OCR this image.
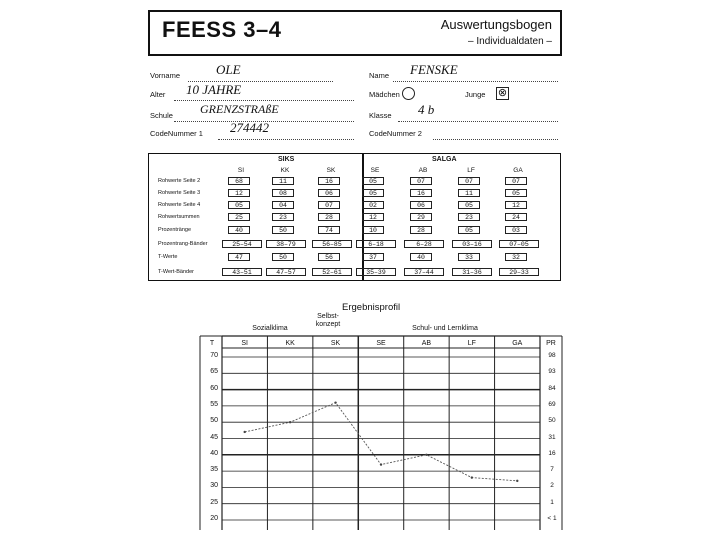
FEESS 3–4	Auswertungsbogen
– Individualdaten –
Vorname	OLE	Name FENSKE
Alter 10 JAHRE	Mädchen	Junge ⊗
Schule GRENZSTRAßE	Klasse 4 b
CodeNummer 1 274442	CodeNummer 2
SIKS	SALGA
SI	KK	SK	SE	AB	LF	GA
Rohwerte Seite 2	68	11	16	05	07	07	07
Rohwerte Seite 3	12	08	06	05	16	11	05
Rohwerte Seite 4	05	04	07	02	06	05	12
Rohwertsummen	25	23	28	12	29	23	24
Prozentränge	40	50	74	10	28	05	03
Prozentrang-Bänder	25–54	38–79	56–85	6–18	6–28	03–16	07–05
T-Werte	47	50	56	37	40	33	32
T-Wert-Bänder	43–51	47–57	52–61	35–39	37–44	31–36	29–33
Ergebnisprofil
Sozialklima
Selbst-
konzept
Schul- und Lernklima
T	PR
SI	KK	SK	SE	AB	LF	GA
70	98
65	93
60	84
55	69
50	50
45	31
40	16
35	7
30	2
25	1
20	< 1
